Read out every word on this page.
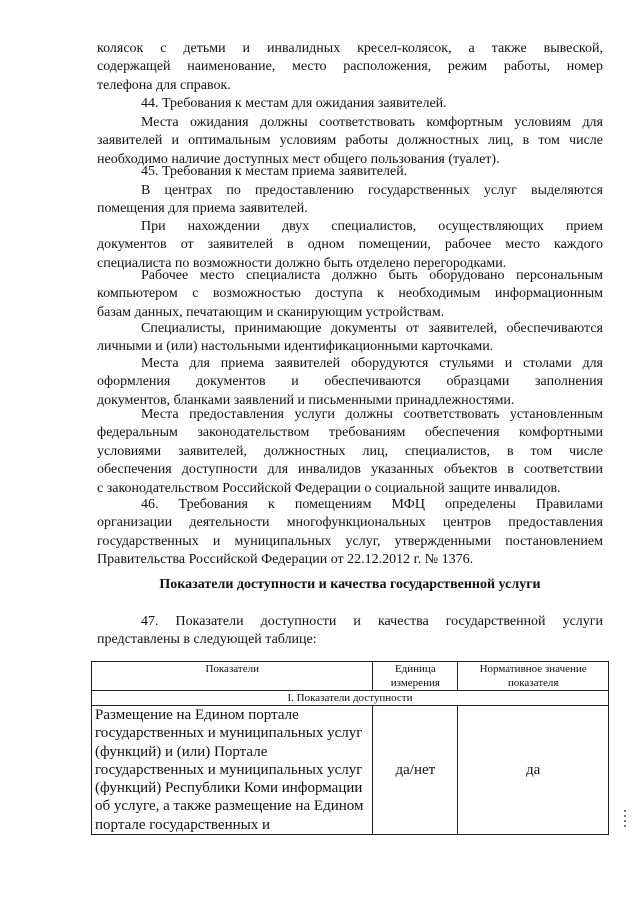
колясок с детьми и инвалидных кресел-колясок, а также вывеской,
содержащей наименование, место расположения, режим работы, номер
телефона для справок.
44. Требования к местам для ожидания заявителей.
Места ожидания должны соответствовать комфортным условиям для
заявителей и оптимальным условиям работы должностных лиц, в том числе
необходимо наличие доступных мест общего пользования (туалет).
45. Требования к местам приема заявителей.
В центрах по предоставлению государственных услуг выделяются
помещения для приема заявителей.
При нахождении двух специалистов, осуществляющих прием
документов от заявителей в одном помещении, рабочее место каждого
специалиста по возможности должно быть отделено перегородками.
Рабочее место специалиста должно быть оборудовано персональным
компьютером с возможностью доступа к необходимым информационным
базам данных, печатающим и сканирующим устройствам.
Специалисты, принимающие документы от заявителей, обеспечиваются
личными и (или) настольными идентификационными карточками.
Места для приема заявителей оборудуются стульями и столами для
оформления документов и обеспечиваются образцами заполнения
документов, бланками заявлений и письменными принадлежностями.
Места предоставления услуги должны соответствовать установленным
федеральным законодательством требованиям обеспечения комфортными
условиями заявителей, должностных лиц, специалистов, в том числе
обеспечения доступности для инвалидов указанных объектов в соответствии
с законодательством Российской Федерации о социальной защите инвалидов.
46. Требования к помещениям МФЦ определены Правилами
организации деятельности многофункциональных центров предоставления
государственных и муниципальных услуг, утвержденными постановлением
Правительства Российской Федерации от 22.12.2012 г. № 1376.
Показатели доступности и качества государственной услуги
47. Показатели доступности и качества государственной услуги
представлены в следующей таблице:
Показатели	Единица измерения	Нормативное значение показателя
I. Показатели доступности		
Размещение на Едином портале государственных и муниципальных услуг (функций) и (или) Портале государственных и муниципальных услуг (функций) Республики Коми информации об услуге, а также размещение на Едином портале государственных и	да/нет	да
